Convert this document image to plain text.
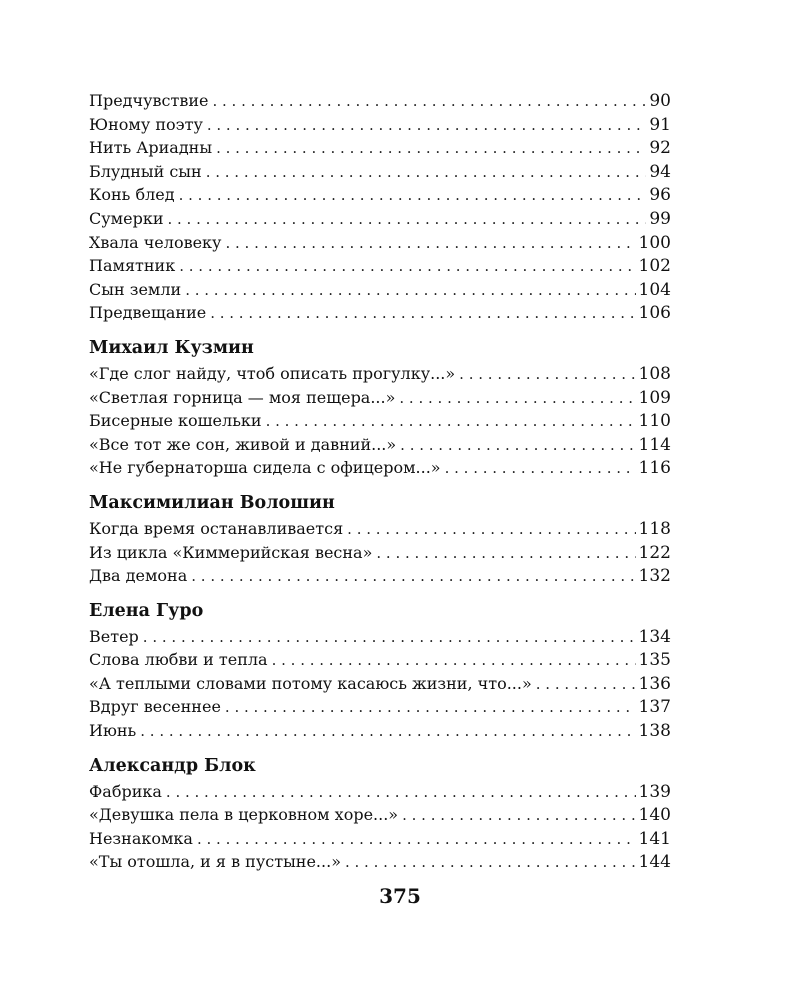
Предчувствие . . .	90
Юному поэту . . .	91
Нить Ариадны . . .	92
Блудный сын . . .	94
Конь блед . . .	96
Сумерки . . .	99
Хвала человеку . . .	100
Памятник . . .	102
Сын земли . . .	104
Предвещание . . .	106
Михаил Кузмин
«Где слог найду, чтоб описать прогулку...» . . .	108
«Светлая горница — моя пещера...» . . .	109
Бисерные кошельки . . .	110
«Все тот же сон, живой и давний...» . . .	114
«Не губернаторша сидела с офицером...» . . .	116
Максимилиан Волошин
Когда время останавливается . . .	118
Из цикла «Киммерийская весна» . . .	122
Два демона . . .	132
Елена Гуро
Ветер . . .	134
Слова любви и тепла . . .	135
«А теплыми словами потому касаюсь жизни, что...» . . .	136
Вдруг весеннее . . .	137
Июнь . . .	138
Александр Блок
Фабрика . . .	139
«Девушка пела в церковном хоре...» . . .	140
Незнакомка . . .	141
«Ты отошла, и я в пустыне...» . . .	144
375
